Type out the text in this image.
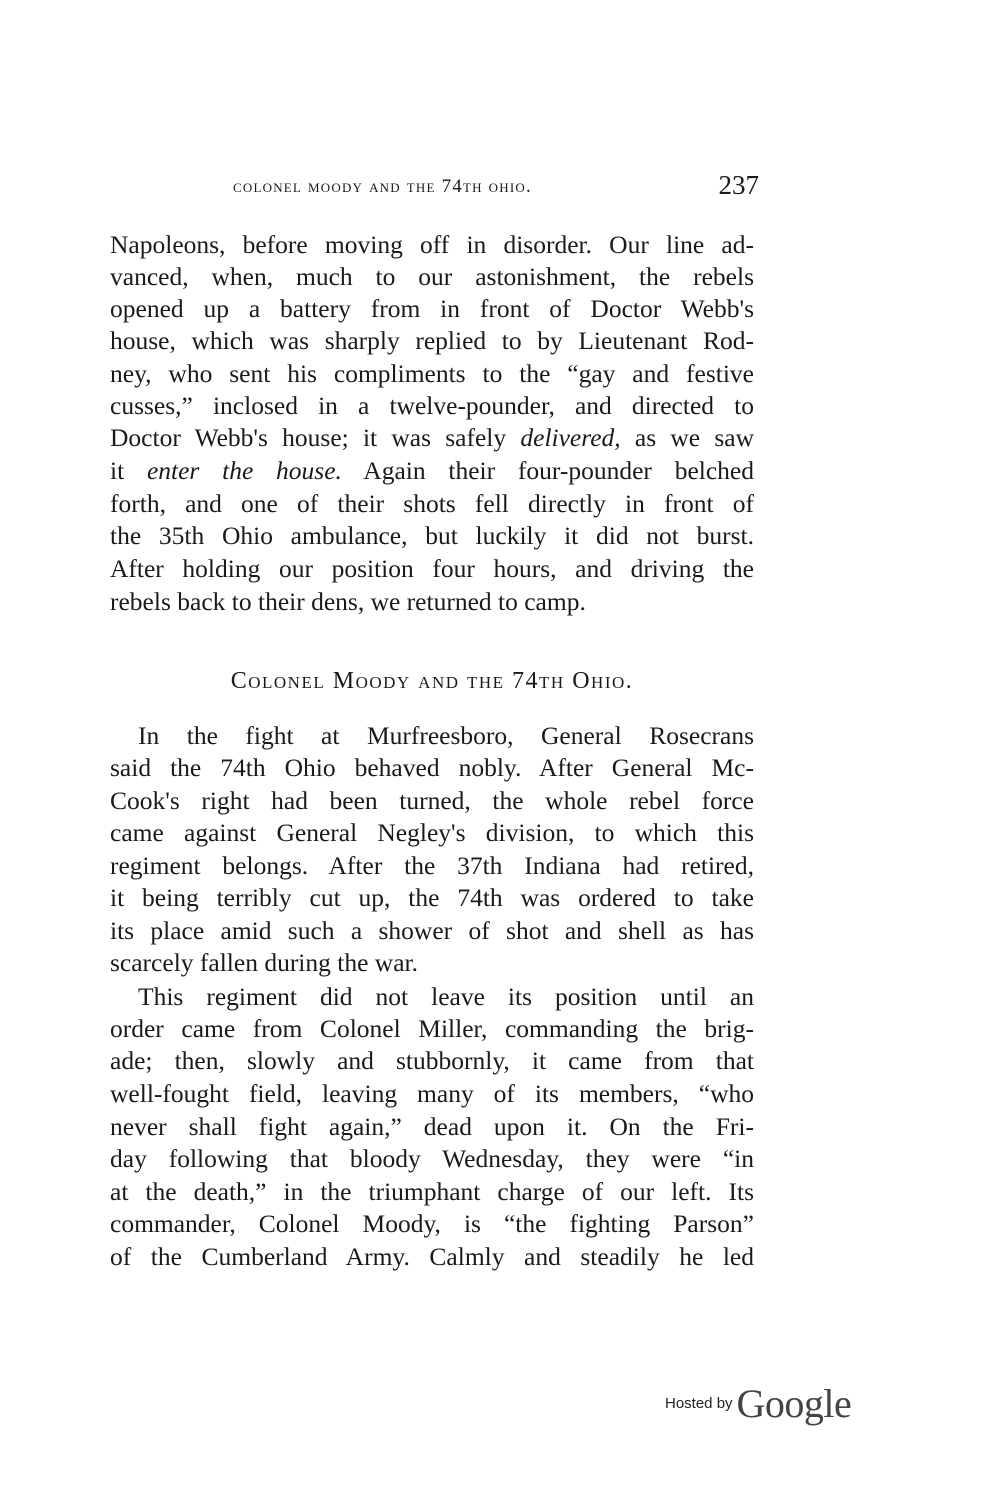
colonel moody and the 74th ohio.	237
Napoleons, before moving off in disorder. Our line ad-
vanced, when, much to our astonishment, the rebels
opened up a battery from in front of Doctor Webb's
house, which was sharply replied to by Lieutenant Rod-
ney, who sent his compliments to the “gay and festive
cusses,” inclosed in a twelve-pounder, and directed to
Doctor Webb's house; it was safely delivered, as we saw
it enter the house. Again their four-pounder belched
forth, and one of their shots fell directly in front of
the 35th Ohio ambulance, but luckily it did not burst.
After holding our position four hours, and driving the
rebels back to their dens, we returned to camp.
Colonel Moody and the 74th Ohio.
In the fight at Murfreesboro, General Rosecrans
said the 74th Ohio behaved nobly. After General Mc-
Cook's right had been turned, the whole rebel force
came against General Negley's division, to which this
regiment belongs. After the 37th Indiana had retired,
it being terribly cut up, the 74th was ordered to take
its place amid such a shower of shot and shell as has
scarcely fallen during the war.
This regiment did not leave its position until an
order came from Colonel Miller, commanding the brig-
ade; then, slowly and stubbornly, it came from that
well-fought field, leaving many of its members, “who
never shall fight again,” dead upon it. On the Fri-
day following that bloody Wednesday, they were “in
at the death,” in the triumphant charge of our left. Its
commander, Colonel Moody, is “the fighting Parson”
of the Cumberland Army. Calmly and steadily he led
Hosted by Google
